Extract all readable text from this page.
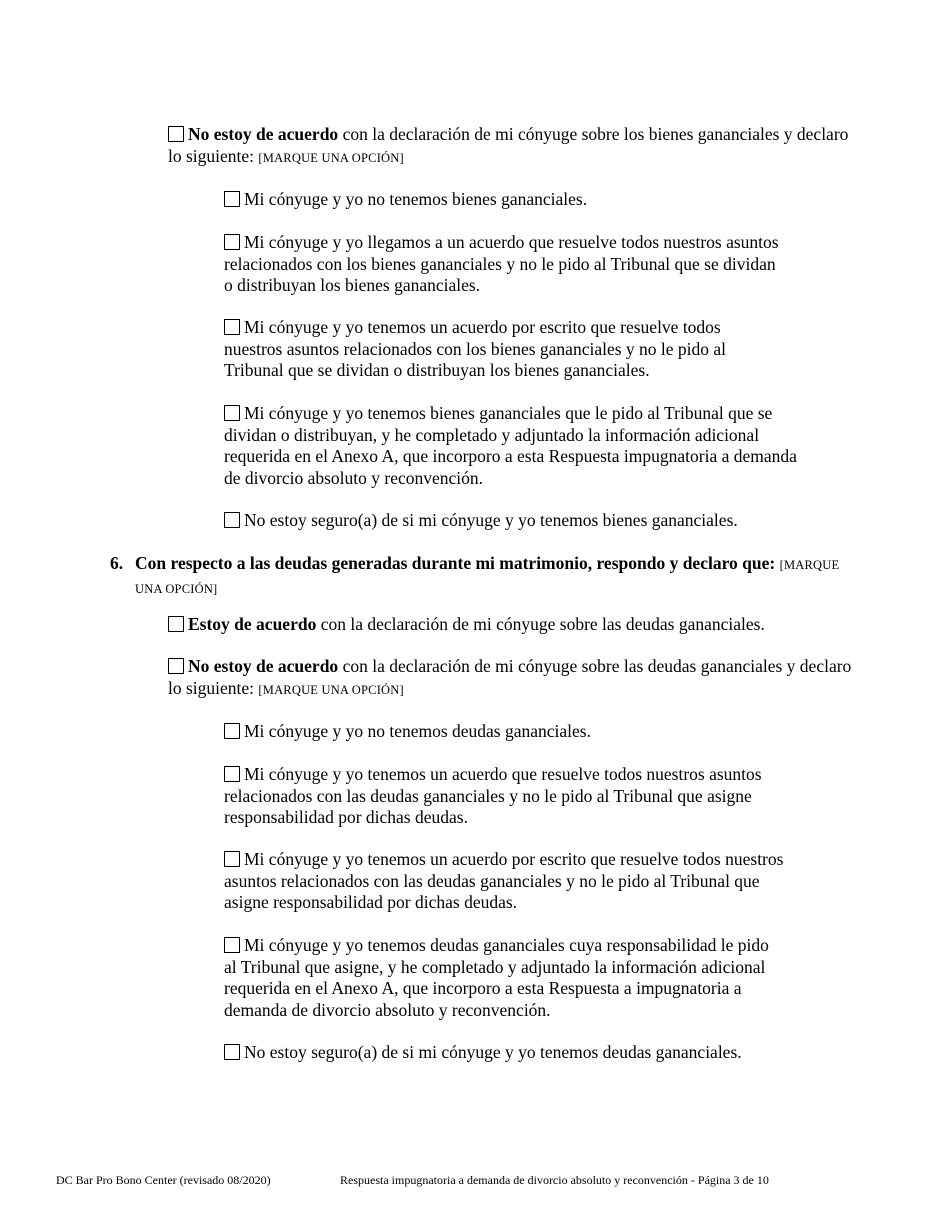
No estoy de acuerdo con la declaración de mi cónyuge sobre los bienes gananciales y declaro

lo siguiente: [MARQUE UNA OPCIÓN]

Mi cónyuge y yo no tenemos bienes gananciales.

Mi cónyuge y yo llegamos a un acuerdo que resuelve todos nuestros asuntos

relacionados con los bienes gananciales y no le pido al Tribunal que se dividan

o distribuyan los bienes gananciales.

Mi cónyuge y yo tenemos un acuerdo por escrito que resuelve todos

nuestros asuntos relacionados con los bienes gananciales y no le pido al

Tribunal que se dividan o distribuyan los bienes gananciales.

Mi cónyuge y yo tenemos bienes gananciales que le pido al Tribunal que se

dividan o distribuyan, y he completado y adjuntado la información adicional

requerida en el Anexo A, que incorporo a esta Respuesta impugnatoria a demanda

de divorcio absoluto y reconvención.

No estoy seguro(a) de si mi cónyuge y yo tenemos bienes gananciales.

6. Con respecto a las deudas generadas durante mi matrimonio, respondo y declaro que: [MARQUE

UNA OPCIÓN]

Estoy de acuerdo con la declaración de mi cónyuge sobre las deudas gananciales.

No estoy de acuerdo con la declaración de mi cónyuge sobre las deudas gananciales y declaro

lo siguiente: [MARQUE UNA OPCIÓN]

Mi cónyuge y yo no tenemos deudas gananciales.

Mi cónyuge y yo tenemos un acuerdo que resuelve todos nuestros asuntos

relacionados con las deudas gananciales y no le pido al Tribunal que asigne

responsabilidad por dichas deudas.

Mi cónyuge y yo tenemos un acuerdo por escrito que resuelve todos nuestros

asuntos relacionados con las deudas gananciales y no le pido al Tribunal que

asigne responsabilidad por dichas deudas.

Mi cónyuge y yo tenemos deudas gananciales cuya responsabilidad le pido

al Tribunal que asigne, y he completado y adjuntado la información adicional

requerida en el Anexo A, que incorporo a esta Respuesta a impugnatoria a

demanda de divorcio absoluto y reconvención.

No estoy seguro(a) de si mi cónyuge y yo tenemos deudas gananciales.

DC Bar Pro Bono Center (revisado 08/2020)	Respuesta impugnatoria a demanda de divorcio absoluto y reconvención - Página 3 de 10
